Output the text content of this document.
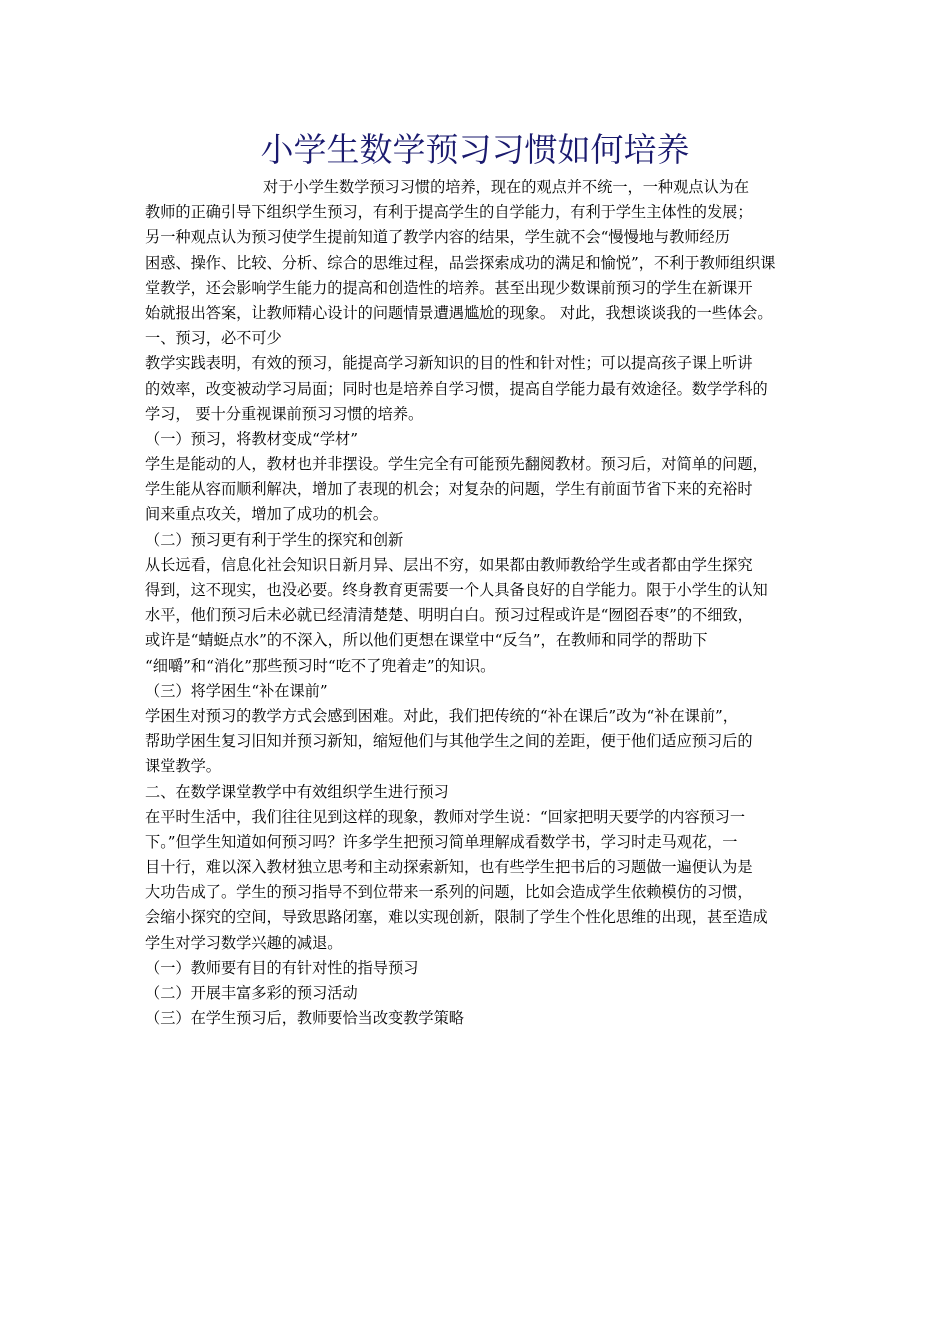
小学生数学预习习惯如何培养
对于小学生数学预习习惯的培养，现在的观点并不统一，一种观点认为在
教师的正确引导下组织学生预习，有利于提高学生的自学能力，有利于学生主体性的发展；
另一种观点认为预习使学生提前知道了教学内容的结果，学生就不会“慢慢地与教师经历
困惑、操作、比较、分析、综合的思维过程，品尝探索成功的满足和愉悦”，不利于教师组织课
堂教学，还会影响学生能力的提高和创造性的培养。甚至出现少数课前预习的学生在新课开
始就报出答案，让教师精心设计的问题情景遭遇尴尬的现象。 对此，我想谈谈我的一些体会。
一、预习，必不可少
教学实践表明，有效的预习，能提高学习新知识的目的性和针对性；可以提高孩子课上听讲
的效率，改变被动学习局面；同时也是培养自学习惯，提高自学能力最有效途径。数学学科的
学习， 要十分重视课前预习习惯的培养。
（一）预习，将教材变成“学材”
学生是能动的人，教材也并非摆设。学生完全有可能预先翻阅教材。预习后，对简单的问题，
学生能从容而顺利解决，增加了表现的机会；对复杂的问题，学生有前面节省下来的充裕时
间来重点攻关，增加了成功的机会。
（二）预习更有利于学生的探究和创新
从长远看，信息化社会知识日新月异、层出不穷，如果都由教师教给学生或者都由学生探究
得到，这不现实，也没必要。终身教育更需要一个人具备良好的自学能力。限于小学生的认知
水平，他们预习后未必就已经清清楚楚、明明白白。预习过程或许是“囫囵吞枣”的不细致，
或许是“蜻蜓点水”的不深入，所以他们更想在课堂中“反刍”，在教师和同学的帮助下
“细嚼”和“消化”那些预习时“吃不了兜着走”的知识。
（三）将学困生“补在课前”
学困生对预习的教学方式会感到困难。对此，我们把传统的“补在课后”改为“补在课前”，
帮助学困生复习旧知并预习新知，缩短他们与其他学生之间的差距，便于他们适应预习后的
课堂教学。
二、在数学课堂教学中有效组织学生进行预习
在平时生活中，我们往往见到这样的现象，教师对学生说：“回家把明天要学的内容预习一
下。”但学生知道如何预习吗？许多学生把预习简单理解成看数学书，学习时走马观花，一
目十行，难以深入教材独立思考和主动探索新知，也有些学生把书后的习题做一遍便认为是
大功告成了。学生的预习指导不到位带来一系列的问题，比如会造成学生依赖模仿的习惯，
会缩小探究的空间，导致思路闭塞，难以实现创新，限制了学生个性化思维的出现，甚至造成
学生对学习数学兴趣的减退。
（一）教师要有目的有针对性的指导预习
（二）开展丰富多彩的预习活动
（三）在学生预习后，教师要恰当改变教学策略
